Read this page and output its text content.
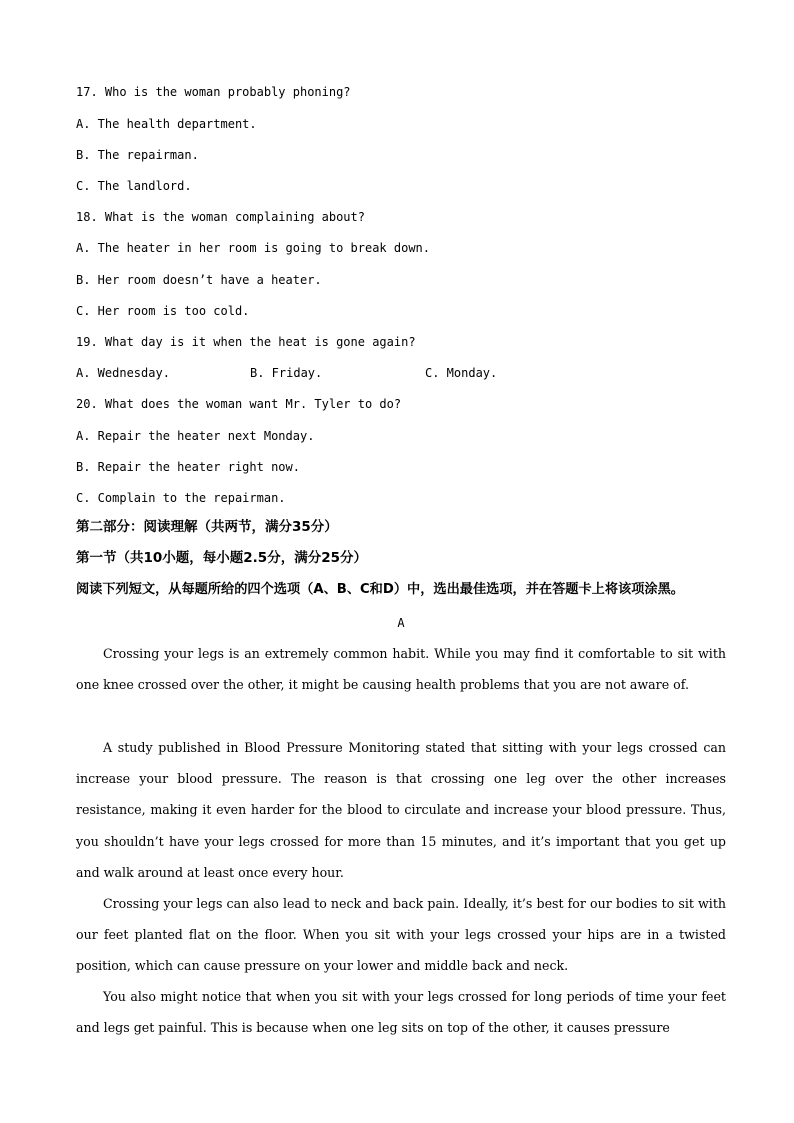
17. Who is the woman probably phoning?
A. The health department.
B. The repairman.
C. The landlord.
18. What is the woman complaining about?
A. The heater in her room is going to break down.
B. Her room doesn’t have a heater.
C. Her room is too cold.
19. What day is it when the heat is gone again?
A. Wednesday.	B. Friday.	C. Monday.
20. What does the woman want Mr. Tyler to do?
A. Repair the heater next Monday.
B. Repair the heater right now.
C. Complain to the repairman.
第二部分：阅读理解（共两节，满分35分）
第一节（共10小题，每小题2.5分，满分25分）
阅读下列短文，从每题所给的四个选项（A、B、C和D）中，选出最佳选项，并在答题卡上将该项涂黑。
A
Crossing your legs is an extremely common habit. While you may find it comfortable to sit with one knee crossed over the other, it might be causing health problems that you are not aware of.
A study published in Blood Pressure Monitoring stated that sitting with your legs crossed can increase your blood pressure. The reason is that crossing one leg over the other increases resistance, making it even harder for the blood to circulate and increase your blood pressure. Thus, you shouldn’t have your legs crossed for more than 15 minutes, and it’s important that you get up and walk around at least once every hour.
Crossing your legs can also lead to neck and back pain. Ideally, it’s best for our bodies to sit with our feet planted flat on the floor. When you sit with your legs crossed your hips are in a twisted position, which can cause pressure on your lower and middle back and neck.
You also might notice that when you sit with your legs crossed for long periods of time your feet and legs get painful. This is because when one leg sits on top of the other, it causes pressure
